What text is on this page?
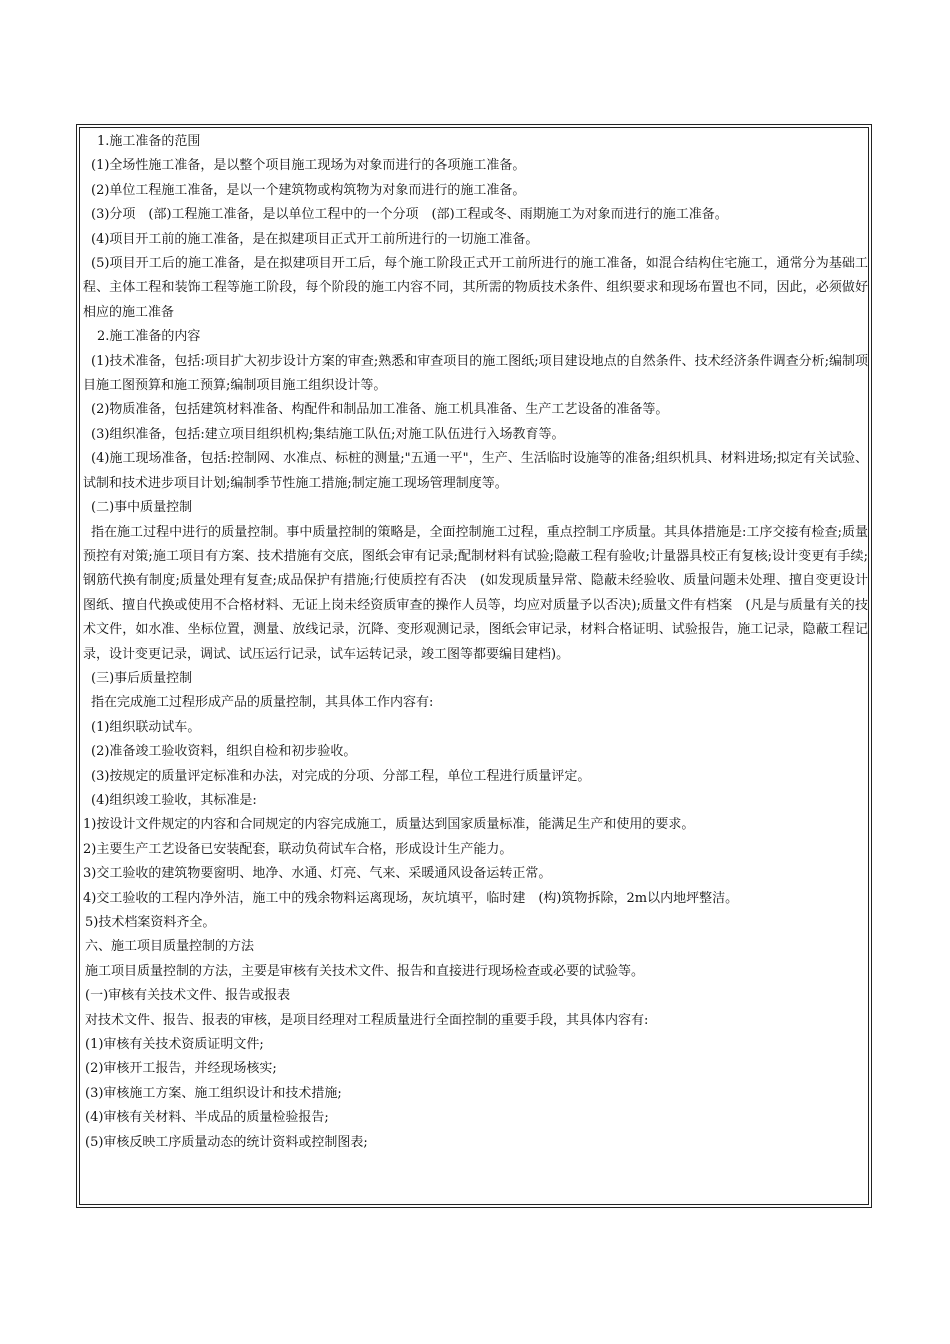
1.施工准备的范围

(1)全场性施工准备，是以整个项目施工现场为对象而进行的各项施工准备。

(2)单位工程施工准备，是以一个建筑物或构筑物为对象而进行的施工准备。

(3)分项　(部)工程施工准备，是以单位工程中的一个分项　(部)工程或冬、雨期施工为对象而进行的施工准备。

(4)项目开工前的施工准备，是在拟建项目正式开工前所进行的一切施工准备。

(5)项目开工后的施工准备，是在拟建项目开工后，每个施工阶段正式开工前所进行的施工准备，如混合结构住宅施工，通常分为基础工程、主体工程和装饰工程等施工阶段，每个阶段的施工内容不同，其所需的物质技术条件、组织要求和现场布置也不同，因此，必须做好相应的施工准备

2.施工准备的内容

(1)技术准备，包括:项目扩大初步设计方案的审查;熟悉和审查项目的施工图纸;项目建设地点的自然条件、技术经济条件调查分析;编制项目施工图预算和施工预算;编制项目施工组织设计等。

(2)物质准备，包括建筑材料准备、构配件和制品加工准备、施工机具准备、生产工艺设备的准备等。

(3)组织准备，包括:建立项目组织机构;集结施工队伍;对施工队伍进行入场教育等。

(4)施工现场准备，包括:控制网、水准点、标桩的测量;"五通一平"，生产、生活临时设施等的准备;组织机具、材料进场;拟定有关试验、试制和技术进步项目计划;编制季节性施工措施;制定施工现场管理制度等。

(二)事中质量控制

指在施工过程中进行的质量控制。事中质量控制的策略是，全面控制施工过程，重点控制工序质量。其具体措施是:工序交接有检查;质量预控有对策;施工项目有方案、技术措施有交底，图纸会审有记录;配制材料有试验;隐蔽工程有验收;计量器具校正有复核;设计变更有手续;钢筋代换有制度;质量处理有复查;成品保护有措施;行使质控有否决　(如发现质量异常、隐蔽未经验收、质量问题未处理、擅自变更设计图纸、擅自代换或使用不合格材料、无证上岗未经资质审查的操作人员等，均应对质量予以否决);质量文件有档案　(凡是与质量有关的技术文件，如水准、坐标位置，测量、放线记录，沉降、变形观测记录，图纸会审记录，材料合格证明、试验报告，施工记录，隐蔽工程记录，设计变更记录，调试、试压运行记录，试车运转记录，竣工图等都要编目建档)。

(三)事后质量控制

指在完成施工过程形成产品的质量控制，其具体工作内容有:

(1)组织联动试车。

(2)准备竣工验收资料，组织自检和初步验收。

(3)按规定的质量评定标准和办法，对完成的分项、分部工程，单位工程进行质量评定。

(4)组织竣工验收，其标准是:

1)按设计文件规定的内容和合同规定的内容完成施工，质量达到国家质量标准，能满足生产和使用的要求。

2)主要生产工艺设备已安装配套，联动负荷试车合格，形成设计生产能力。

3)交工验收的建筑物要窗明、地净、水通、灯亮、气来、采暖通风设备运转正常。

4)交工验收的工程内净外洁，施工中的残余物料运离现场，灰坑填平，临时建　(构)筑物拆除，2m以内地坪整洁。

5)技术档案资料齐全。

六、施工项目质量控制的方法

施工项目质量控制的方法，主要是审核有关技术文件、报告和直接进行现场检查或必要的试验等。

(一)审核有关技术文件、报告或报表

对技术文件、报告、报表的审核，是项目经理对工程质量进行全面控制的重要手段，其具体内容有:

(1)审核有关技术资质证明文件;

(2)审核开工报告，并经现场核实;

(3)审核施工方案、施工组织设计和技术措施;

(4)审核有关材料、半成品的质量检验报告;

(5)审核反映工序质量动态的统计资料或控制图表;
